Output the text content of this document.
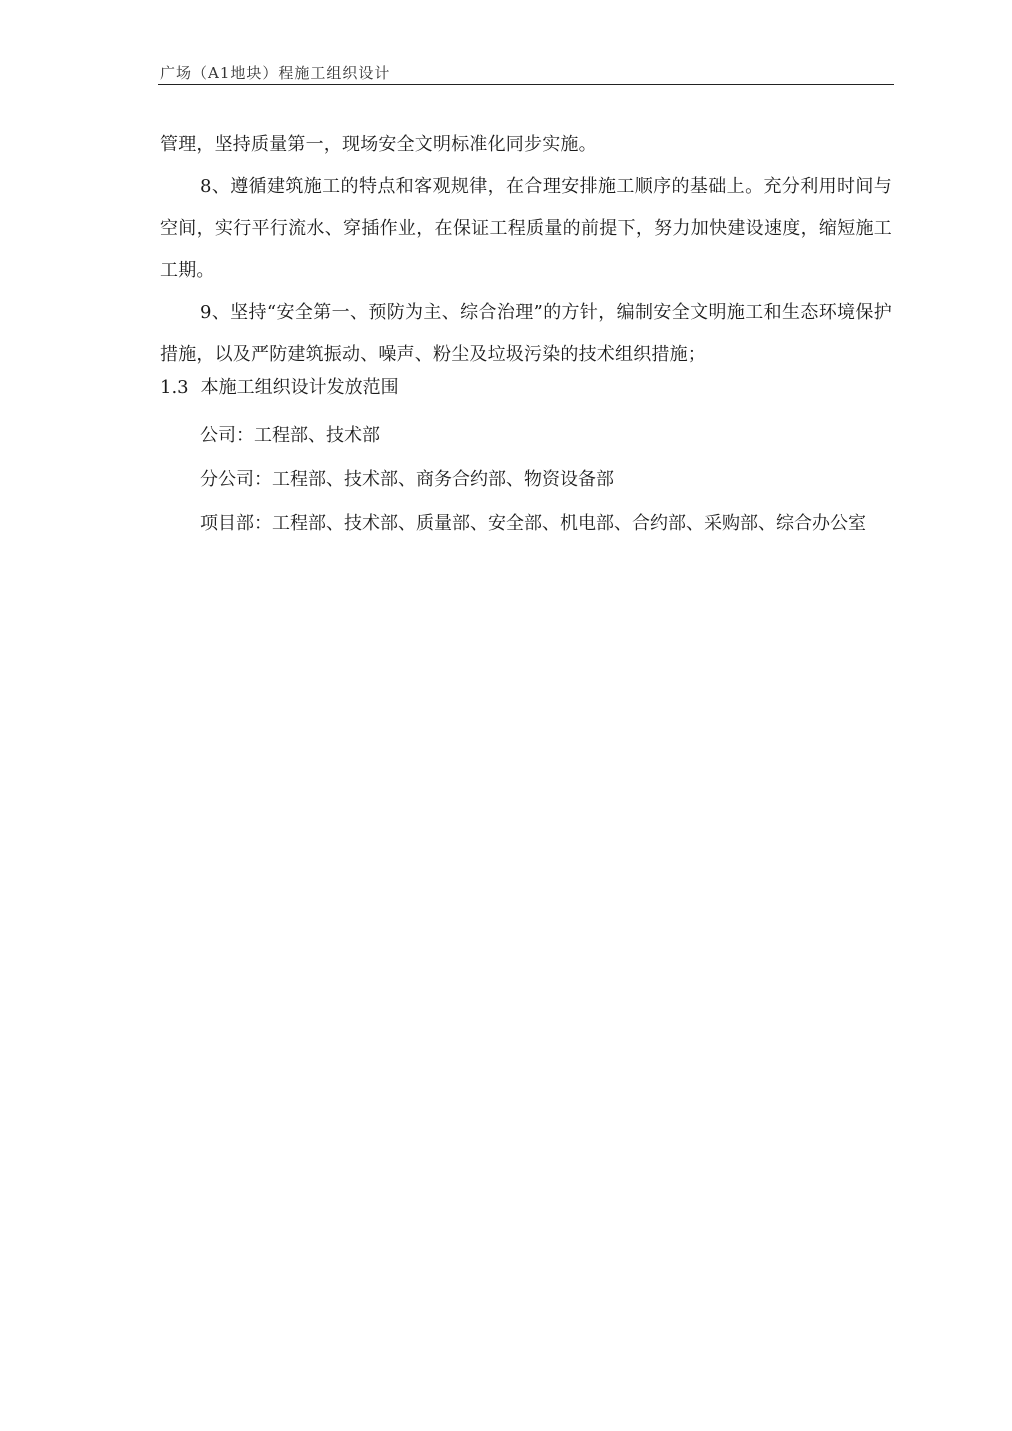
广场（A1地块）程施工组织设计

管理，坚持质量第一，现场安全文明标准化同步实施。

8、遵循建筑施工的特点和客观规律，在合理安排施工顺序的基础上。充分利用时间与空间，实行平行流水、穿插作业，在保证工程质量的前提下，努力加快建设速度，缩短施工工期。

9、坚持“安全第一、预防为主、综合治理”的方针，编制安全文明施工和生态环境保护措施，以及严防建筑振动、噪声、粉尘及垃圾污染的技术组织措施；

1.3 本施工组织设计发放范围

公司：工程部、技术部

分公司：工程部、技术部、商务合约部、物资设备部

项目部：工程部、技术部、质量部、安全部、机电部、合约部、采购部、综合办公室
